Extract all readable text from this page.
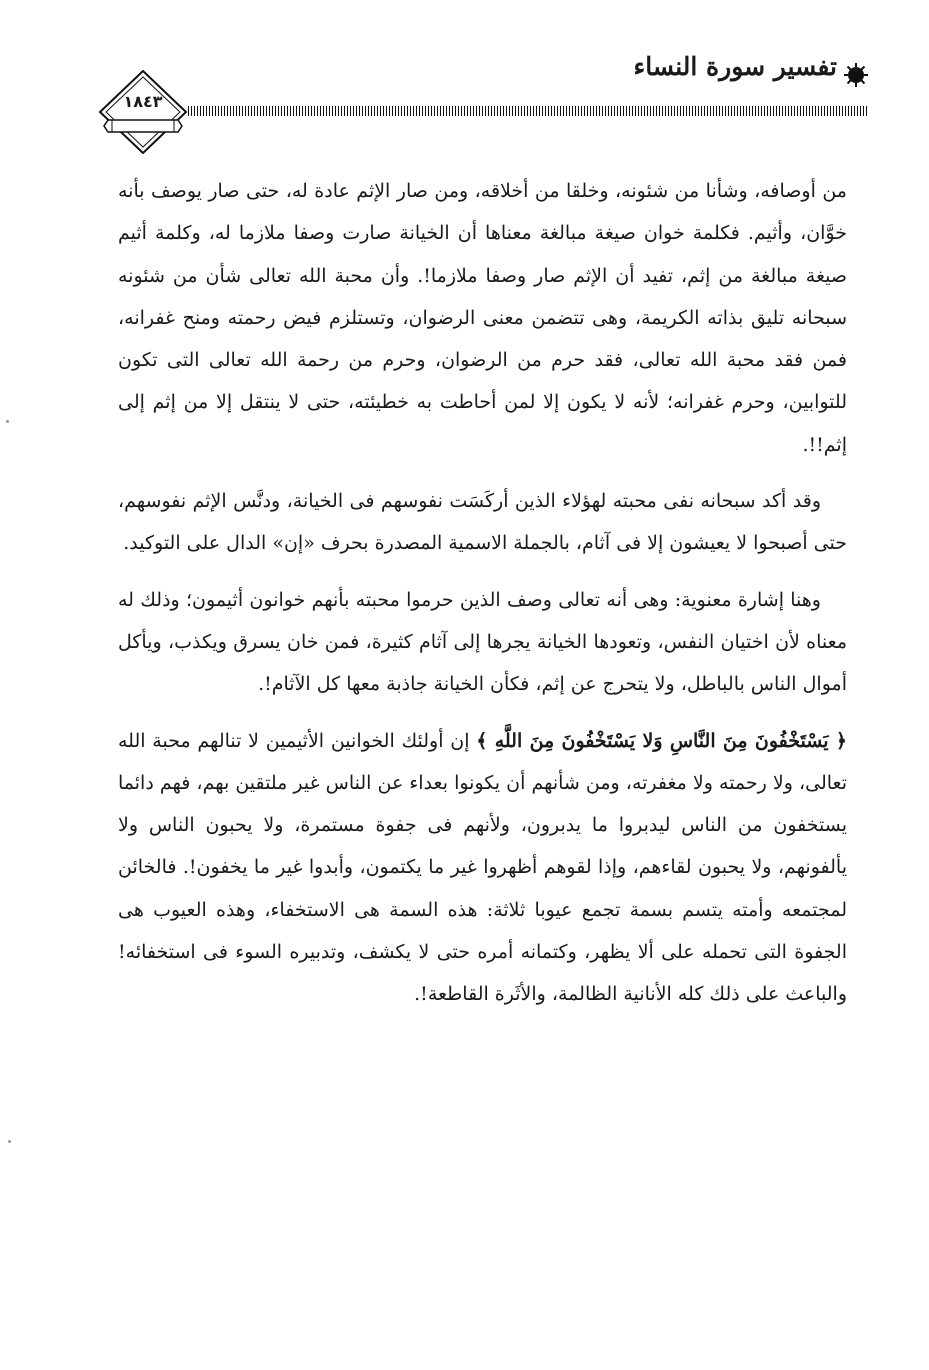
تفسير سورة النساء
١٨٤٣

من أوصافه، وشأنا من شئونه، وخلقا من أخلاقه، ومن صار الإثم عادة له، حتى صار يوصف بأنه خوَّان، وأثيم. فكلمة خوان صيغة مبالغة معناها أن الخيانة صارت وصفا ملازما له، وكلمة أثيم صيغة مبالغة من إثم، تفيد أن الإثم صار وصفا ملازما!. وأن محبة الله تعالى شأن من شئونه سبحانه تليق بذاته الكريمة، وهى تتضمن معنى الرضوان، وتستلزم فيض رحمته ومنح غفرانه، فمن فقد محبة الله تعالى، فقد حرم من الرضوان، وحرم من رحمة الله تعالى التى تكون للتوابين، وحرم غفرانه؛ لأنه لا يكون إلا لمن أحاطت به خطيئته، حتى لا ينتقل إلا من إثم إلى إثم!!.

وقد أكد سبحانه نفى محبته لهؤلاء الذين أركَسَت نفوسهم فى الخيانة، ودنَّس الإثم نفوسهم، حتى أصبحوا لا يعيشون إلا فى آثام، بالجملة الاسمية المصدرة بحرف «إن» الدال على التوكيد.

وهنا إشارة معنوية: وهى أنه تعالى وصف الذين حرموا محبته بأنهم خوانون أثيمون؛ وذلك له معناه لأن اختيان النفس، وتعودها الخيانة يجرها إلى آثام كثيرة، فمن خان يسرق ويكذب، ويأكل أموال الناس بالباطل، ولا يتحرج عن إثم، فكأن الخيانة جاذبة معها كل الآثام!.

﴿ يَسْتَخْفُونَ مِنَ النَّاسِ وَلا يَسْتَخْفُونَ مِنَ اللَّهِ ﴾ إن أولئك الخوانين الأثيمين لا تنالهم محبة الله تعالى، ولا رحمته ولا مغفرته، ومن شأنهم أن يكونوا بعداء عن الناس غير ملتقين بهم، فهم دائما يستخفون من الناس ليدبروا ما يدبرون، ولأنهم فى جفوة مستمرة، ولا يحبون الناس ولا يألفونهم، ولا يحبون لقاءهم، وإذا لقوهم أظهروا غير ما يكتمون، وأبدوا غير ما يخفون!. فالخائن لمجتمعه وأمته يتسم بسمة تجمع عيوبا ثلاثة: هذه السمة هى الاستخفاء، وهذه العيوب هى الجفوة التى تحمله على ألا يظهر، وكتمانه أمره حتى لا يكشف، وتدبيره السوء فى استخفائه! والباعث على ذلك كله الأنانية الظالمة، والأثَرة القاطعة!.
